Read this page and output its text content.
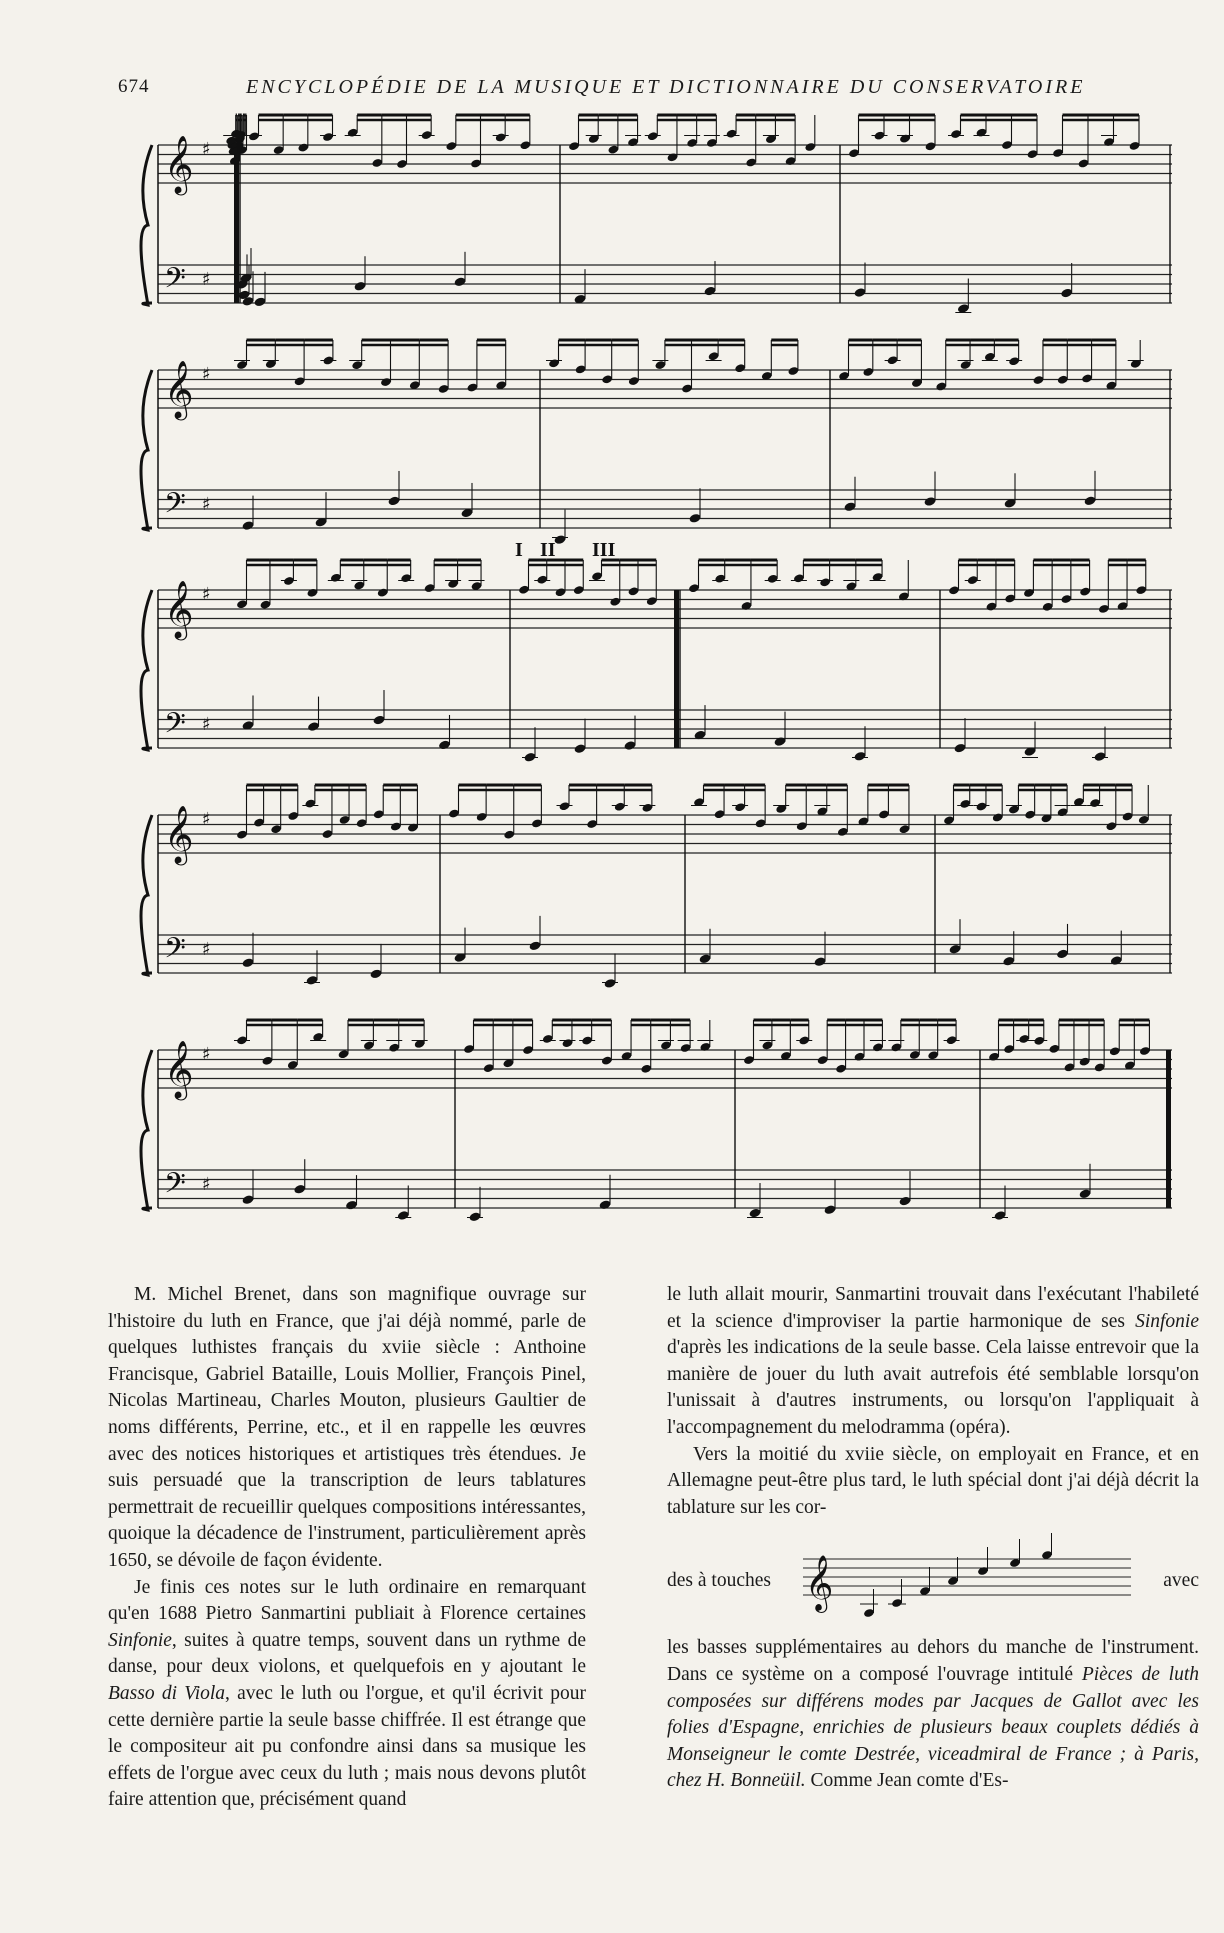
674	ENCYCLOPÉDIE DE LA MUSIQUE ET DICTIONNAIRE DU CONSERVATOIRE
𝄞 ♯
𝄢 ♯
𝄞 ♯
𝄢 ♯
𝄞 ♯
𝄢 ♯
I II III
𝄞 ♯
𝄢 ♯
𝄞 ♯
𝄢 ♯

M. Michel Brenet, dans son magnifique ouvrage sur l'histoire du luth en France, que j'ai déjà nommé, parle de quelques luthistes français du xviie siècle : Anthoine Francisque, Gabriel Bataille, Louis Mollier, François Pinel, Nicolas Martineau, Charles Mouton, plusieurs Gaultier de noms différents, Perrine, etc., et il en rappelle les œuvres avec des notices historiques et artistiques très étendues. Je suis persuadé que la transcription de leurs tablatures permettrait de recueillir quelques compositions intéressantes, quoique la décadence de l'instrument, particulièrement après 1650, se dévoile de façon évidente.

Je finis ces notes sur le luth ordinaire en remarquant qu'en 1688 Pietro Sanmartini publiait à Florence certaines Sinfonie, suites à quatre temps, souvent dans un rythme de danse, pour deux violons, et quelquefois en y ajoutant le Basso di Viola, avec le luth ou l'orgue, et qu'il écrivit pour cette dernière partie la seule basse chiffrée. Il est étrange que le compositeur ait pu confondre ainsi dans sa musique les effets de l'orgue avec ceux du luth ; mais nous devons plutôt faire attention que, précisément quand

le luth allait mourir, Sanmartini trouvait dans l'exécutant l'habileté et la science d'improviser la partie harmonique de ses Sinfonie d'après les indications de la seule basse. Cela laisse entrevoir que la manière de jouer du luth avait autrefois été semblable lorsqu'on l'unissait à d'autres instruments, ou lorsqu'on l'appliquait à l'accompagnement du melodramma (opéra).

Vers la moitié du xviie siècle, on employait en France, et en Allemagne peut-être plus tard, le luth spécial dont j'ai déjà décrit la tablature sur les cor-

des à touches 𝄞	avec

les basses supplémentaires au dehors du manche de l'instrument. Dans ce système on a composé l'ouvrage intitulé Pièces de luth composées sur différens modes par Jacques de Gallot avec les folies d'Espagne, enrichies de plusieurs beaux couplets dédiés à Monseigneur le comte Destrée, viceadmiral de France ; à Paris, chez H. Bonneüil. Comme Jean comte d'Es-
